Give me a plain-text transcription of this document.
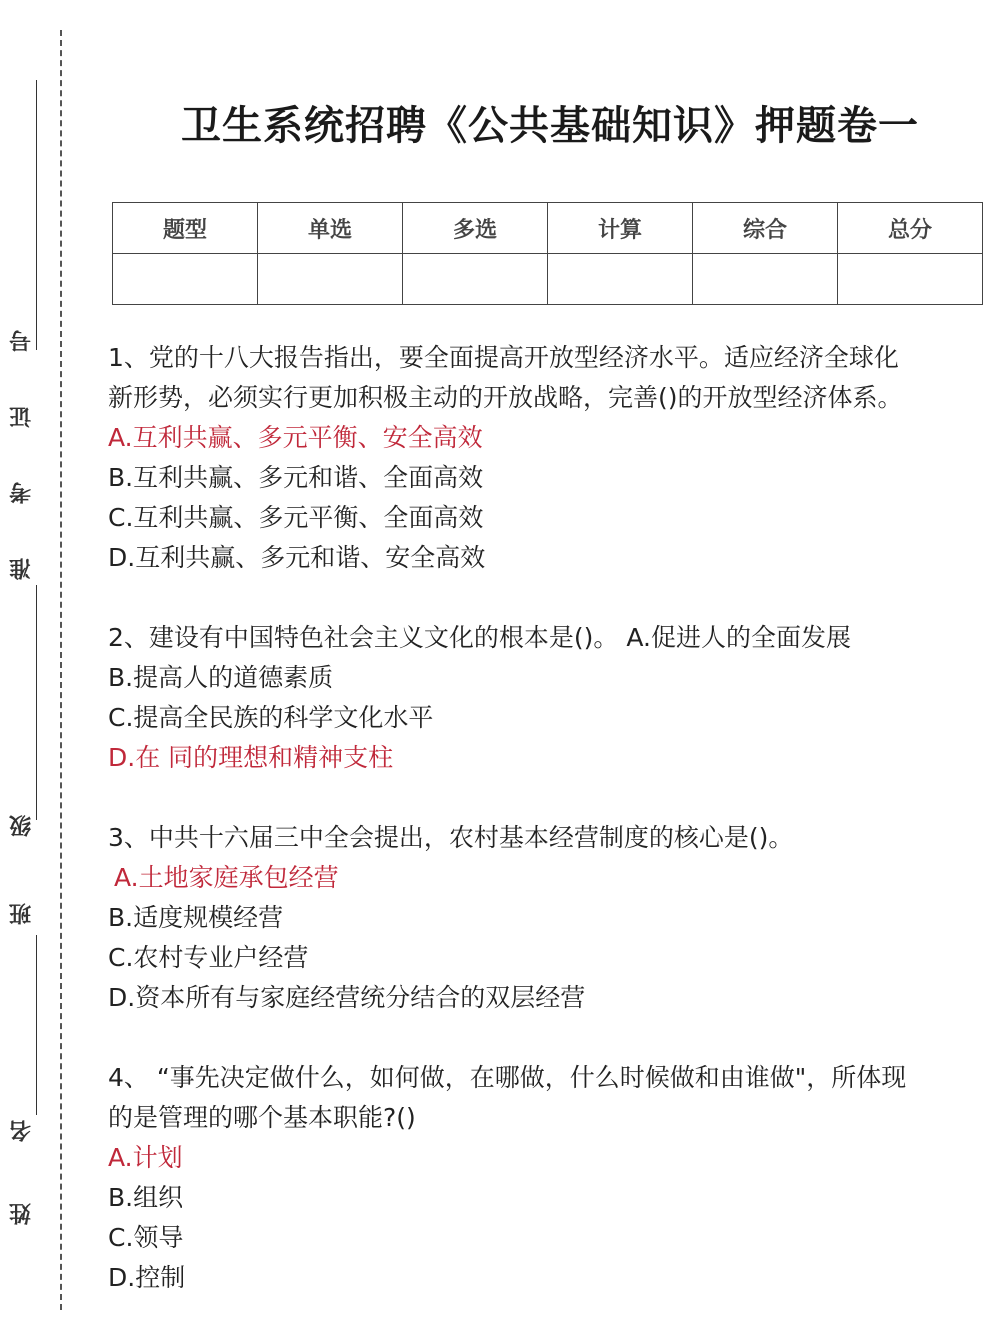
准
考
证
号
班
级
姓
名
卫生系统招聘《公共基础知识》押题卷一
题型	单选	多选	计算	综合	总分

1、党的十八大报告指出，要全面提高开放型经济水平。适应经济全球化
新形势，必须实行更加积极主动的开放战略，完善()的开放型经济体系。
A.互利共赢、多元平衡、安全高效
B.互利共赢、多元和谐、全面高效
C.互利共赢、多元平衡、全面高效
D.互利共赢、多元和谐、安全高效
2、建设有中国特色社会主义文化的根本是()。 A.促进人的全面发展
B.提高人的道德素质
C.提高全民族的科学文化水平
D.在 同的理想和精神支柱
3、中共十六届三中全会提出，农村基本经营制度的核心是()。
A.土地家庭承包经营
B.适度规模经营
C.农村专业户经营
D.资本所有与家庭经营统分结合的双层经营
4、 “事先决定做什么，如何做，在哪做，什么时候做和由谁做"，所体现
的是管理的哪个基本职能?()
A.计划
B.组织
C.领导
D.控制
